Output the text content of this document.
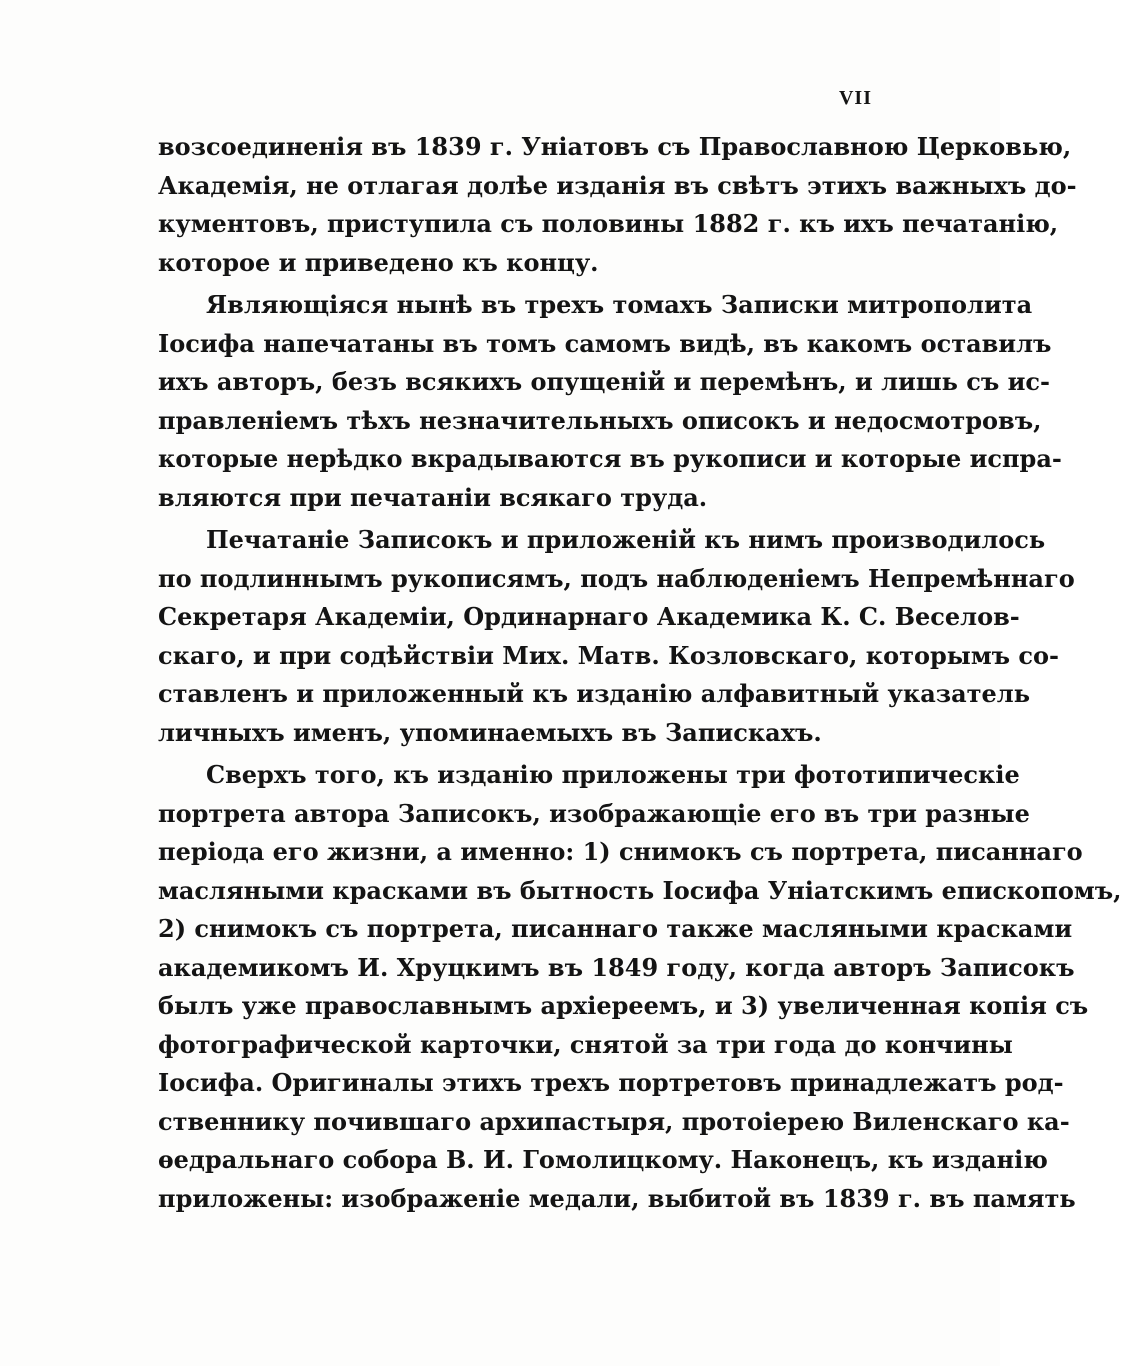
VII

возсоединенія въ 1839 г. Уніатовъ съ Православною Церковью,
Академія, не отлагая долѣе изданія въ свѣтъ этихъ важныхъ до-
кументовъ, приступила съ половины 1882 г. къ ихъ печатанію,
которое и приведено къ концу.

Являющіяся нынѣ въ трехъ томахъ Записки митрополита
Іосифа напечатаны въ томъ самомъ видѣ, въ какомъ оставилъ
ихъ авторъ, безъ всякихъ опущеній и перемѣнъ, и лишь съ ис-
правленіемъ тѣхъ незначительныхъ описокъ и недосмотровъ,
которые нерѣдко вкрадываются въ рукописи и которые испра-
вляются при печатаніи всякаго труда.

Печатаніе Записокъ и приложеній къ нимъ производилось
по подлиннымъ рукописямъ, подъ наблюденіемъ Непремѣннаго
Секретаря Академіи, Ординарнаго Академика К. С. Веселов-
скаго, и при содѣйствіи Мих. Матв. Козловскаго, которымъ со-
ставленъ и приложенный къ изданію алфавитный указатель
личныхъ именъ, упоминаемыхъ въ Запискахъ.

Сверхъ того, къ изданію приложены три фототипическіе
портрета автора Записокъ, изображающіе его въ три разные
періода его жизни, а именно: 1) снимокъ съ портрета, писаннаго
масляными красками въ бытность Іосифа Уніатскимъ епископомъ,
2) снимокъ съ портрета, писаннаго также масляными красками
академикомъ И. Хруцкимъ въ 1849 году, когда авторъ Записокъ
былъ уже православнымъ архіереемъ, и 3) увеличенная копія съ
фотографической карточки, снятой за три года до кончины
Іосифа. Оригиналы этихъ трехъ портретовъ принадлежатъ род-
ственнику почившаго архипастыря, протоіерею Виленскаго ка-
ѳедральнаго собора В. И. Гомолицкому. Наконецъ, къ изданію
приложены: изображеніе медали, выбитой въ 1839 г. въ память
